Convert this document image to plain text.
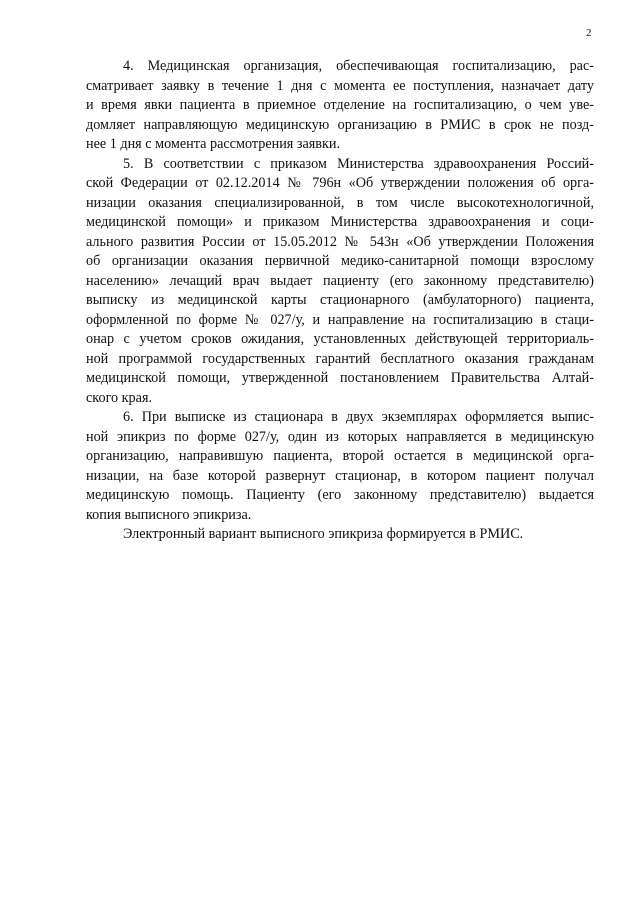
2
4. Медицинская организация, обеспечивающая госпитализацию, рас-
сматривает заявку в течение 1 дня с момента ее поступления, назначает дату
и время явки пациента в приемное отделение на госпитализацию, о чем уве-
домляет направляющую медицинскую организацию в РМИС в срок не позд-
нее 1 дня с момента рассмотрения заявки.
5. В соответствии с приказом Министерства здравоохранения Россий-
ской Федерации от 02.12.2014 № 796н «Об утверждении положения об орга-
низации оказания специализированной, в том числе высокотехнологичной,
медицинской помощи» и приказом Министерства здравоохранения и соци-
ального развития России от 15.05.2012 № 543н «Об утверждении Положения
об организации оказания первичной медико-санитарной помощи взрослому
населению» лечащий врач выдает пациенту (его законному представителю)
выписку из медицинской карты стационарного (амбулаторного) пациента,
оформленной по форме № 027/у, и направление на госпитализацию в стаци-
онар с учетом сроков ожидания, установленных действующей территориаль-
ной программой государственных гарантий бесплатного оказания гражданам
медицинской помощи, утвержденной постановлением Правительства Алтай-
ского края.
6. При выписке из стационара в двух экземплярах оформляется выпис-
ной эпикриз по форме 027/у, один из которых направляется в медицинскую
организацию, направившую пациента, второй остается в медицинской орга-
низации, на базе которой развернут стационар, в котором пациент получал
медицинскую помощь. Пациенту (его законному представителю) выдается
копия выписного эпикриза.
Электронный вариант выписного эпикриза формируется в РМИС.
